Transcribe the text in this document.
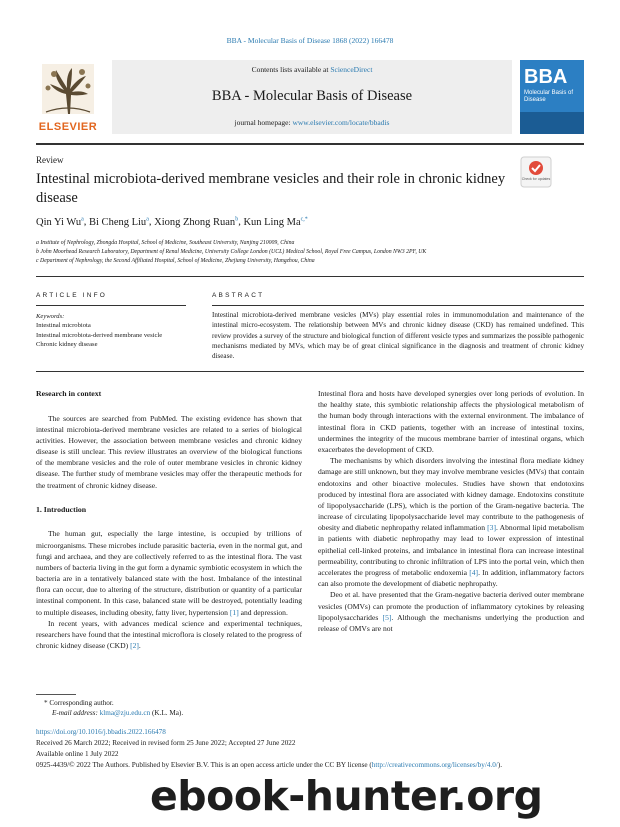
BBA - Molecular Basis of Disease 1868 (2022) 166478
ELSEVIER
Contents lists available at ScienceDirect
BBA - Molecular Basis of Disease
journal homepage: www.elsevier.com/locate/bbadis
BBA
Molecular Basis of Disease
Review
Intestinal microbiota-derived membrane vesicles and their role in chronic kidney disease
Check for updates
Qin Yi Wu$^a$, Bi Cheng Liu$^a$, Xiong Zhong Ruan$^b$, Kun Ling $Ma^{c,*}$
a Institute of Nephrology, Zhongda Hospital, School of Medicine, Southeast University, Nanjing 210009, China
b John Moorhead Research Laboratory, Department of Renal Medicine, University College London (UCL) Medical School, Royal Free Campus, London NW3 2PF, UK
c Department of Nephrology, the Second Affiliated Hospital, School of Medicine, Zhejiang University, Hangzhou, China
ARTICLE INFO
Keywords:
Intestinal microbiota
Intestinal microbiota-derived membrane vesicle
Chronic kidney disease
ABSTRACT
Intestinal microbiota-derived membrane vesicles (MVs) play essential roles in immunomodulation and maintenance of the intestinal micro-ecosystem. The relationship between MVs and chronic kidney disease (CKD) has remained undefined. This review provides a survey of the structure and biological function of different vesicle types and summarizes the possible pathogenic mechanisms mediated by MVs, which may be of great clinical significance in the diagnosis and treatment of chronic kidney disease.
Research in context

The sources are searched from PubMed. The existing evidence has shown that intestinal microbiota-derived membrane vesicles are related to a series of biological activities. However, the association between membrane vesicles and chronic kidney disease is still unclear. This review illustrates an overview of the biological functions of the membrane vesicles and the role of outer membrane vesicles in chronic kidney disease. The further study of membrane vesicles may offer the therapeutic methods for the treatment of chronic kidney disease.

1. Introduction

The human gut, especially the large intestine, is occupied by trillions of microorganisms. These microbes include parasitic bacteria, even in the normal gut, and fungi and archaea, and they are collectively referred to as the intestinal flora. The vast numbers of bacteria living in the gut form a dynamic symbiotic ecosystem in which the bacteria are in a tentatively balanced state with the host. Imbalance of the intestinal flora can occur, due to altering of the structure, distribution or quantity of a particular intestinal component. In this case, balanced state will be destroyed, potentially leading to multiple diseases, including obesity, fatty liver, hypertension [1] and depression.

In recent years, with advances medical science and experimental techniques, researchers have found that the intestinal microflora is closely related to the progress of chronic kidney disease (CKD) [2].

Intestinal flora and hosts have developed synergies over long periods of evolution. In the healthy state, this symbiotic relationship affects the physiological metabolism of the human body through interactions with the external environment. The imbalance of intestinal flora in CKD patients, together with an increase of intestinal toxins, undermines the integrity of the mucous membrane barrier of intestinal organs, which exacerbates the development of CKD.

The mechanisms by which disorders involving the intestinal flora mediate kidney damage are still unknown, but they may involve membrane vesicles (MVs) that contain endotoxins and other bioactive molecules. Studies have shown that endotoxins produced by intestinal flora are associated with kidney damage. Endotoxins constitute of lipopolysaccharide (LPS), which is the portion of the Gram-negative bacteria. The increase of circulating lipopolysaccharide level may contribute to the pathogenesis of obesity and diabetic nephropathy related inflammation [3]. Abnormal lipid metabolism in patients with diabetic nephropathy may lead to lower expression of intestinal epithelial cell-linked proteins, and imbalance in intestinal flora can increase intestinal permeability, contributing to chronic infiltration of LPS into the portal vein, which then accelerates the progress of metabolic endoxemia [4]. In addition, inflammatory factors can also promote the development of diabetic nephropathy.

Deo et al. have presented that the Gram-negative bacteria derived outer membrane vesicles (OMVs) can promote the production of inflammatory cytokines by releasing lipopolysaccharides [5]. Although the mechanisms underlying the production and release of OMVs are not

* Corresponding author.
E-mail address: klma@zju.edu.cn (K.L. Ma).
https://doi.org/10.1016/j.bbadis.2022.166478
Received 26 March 2022; Received in revised form 25 June 2022; Accepted 27 June 2022
Available online 1 July 2022
0925-4439/© 2022 The Authors. Published by Elsevier B.V. This is an open access article under the CC BY license (http://creativecommons.org/licenses/by/4.0/).
ebook-hunter.org
